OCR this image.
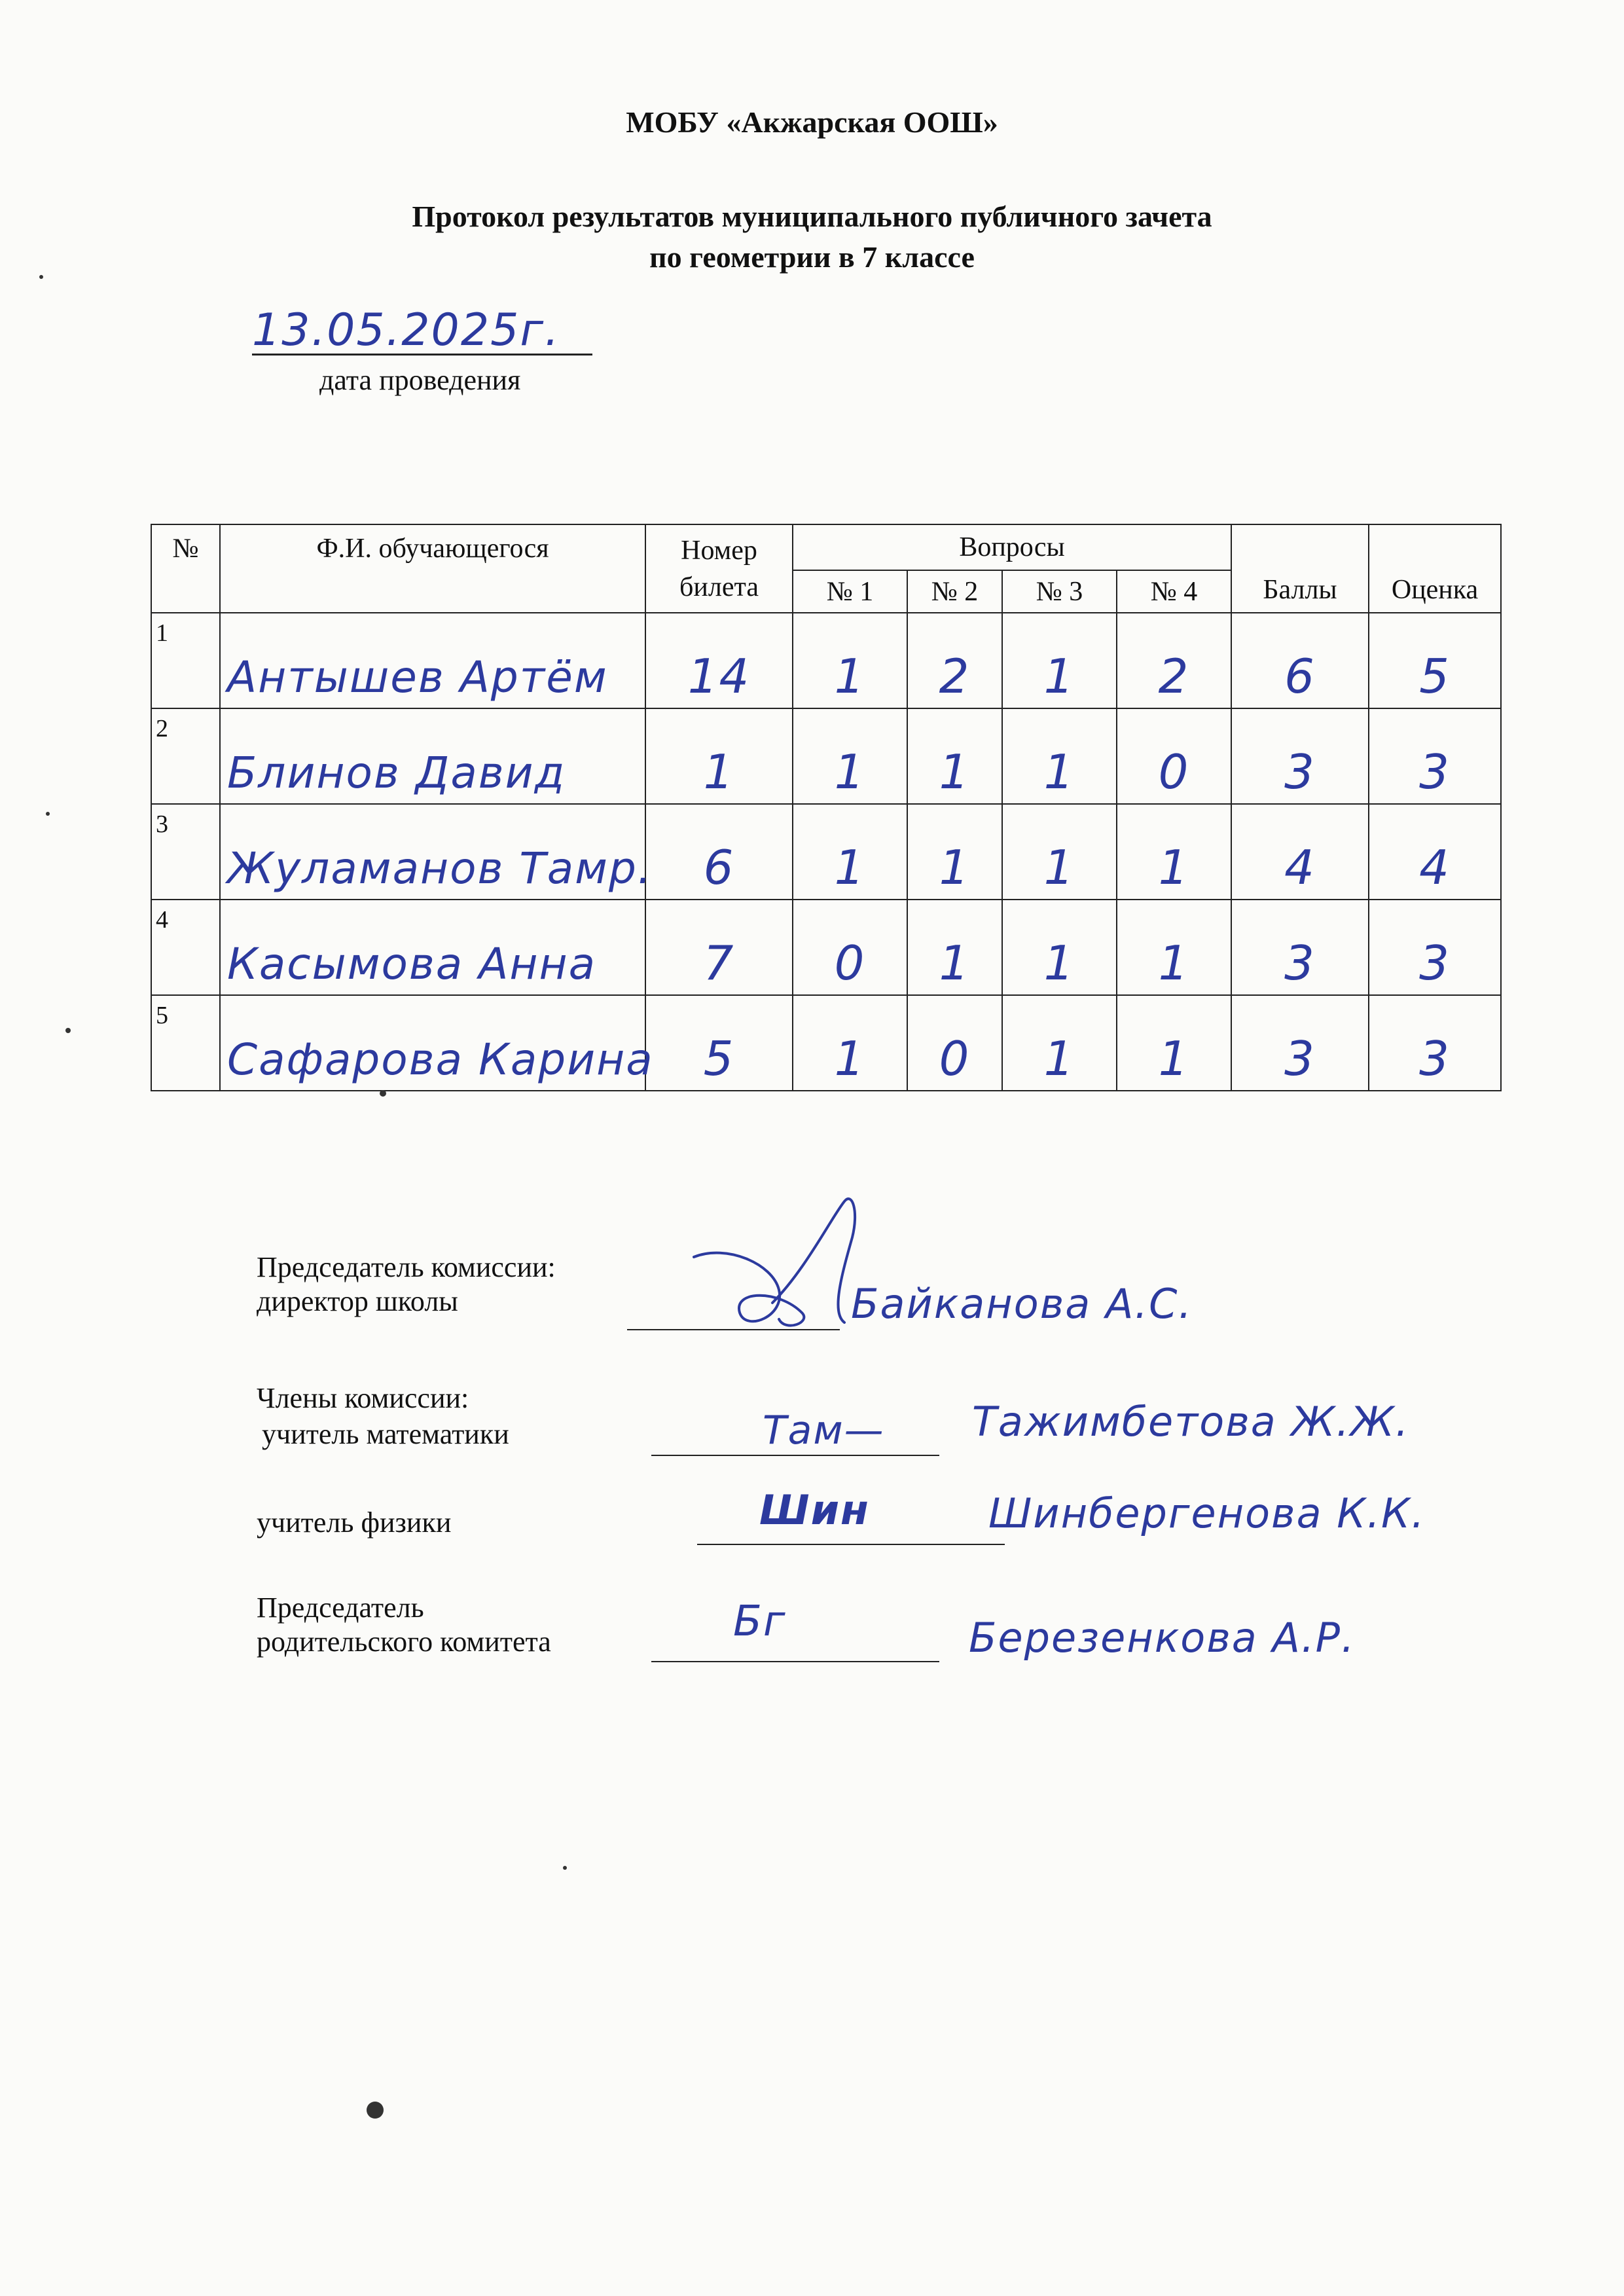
МОБУ «Акжарская ООШ»
Протокол результатов муниципального публичного зачета
по геометрии в 7 классе
13.05.2025г.
дата проведения
№	Ф.И. обучающегося	Номер билета	Вопросы				Баллы	Оценка
			№ 1	№ 2	№ 3	№ 4		
1	Антышев Артём	14	1	2	1	2	6	5
2	Блинов Давид	1	1	1	1	0	3	3
3	Жуламанов Тамр.	6	1	1	1	1	4	4
4	Касымова Анна	7	0	1	1	1	3	3
5	Сафарова Карина	5	1	0	1	1	3	3
Председатель комиссии:
директор школы	Байканова А.С.
Члены комиссии:
учитель математики	Там— Тажимбетова Ж.Ж.
учитель физики	Шин	Шинбергенова К.К.
Председатель
родительского комитета	Бг	Березенкова А.Р.
